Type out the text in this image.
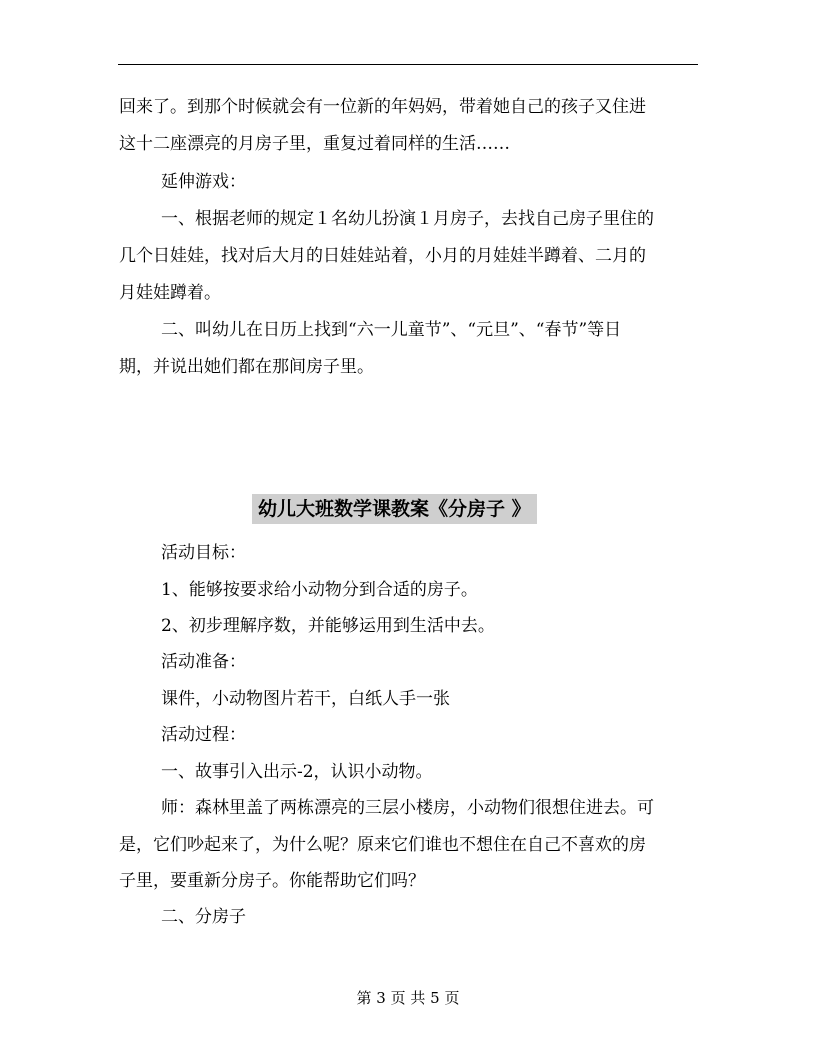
回来了。到那个时候就会有一位新的年妈妈，带着她自己的孩子又住进
这十二座漂亮的月房子里，重复过着同样的生活……
延伸游戏：
一、根据老师的规定１名幼儿扮演１月房子，去找自己房子里住的
几个日娃娃，找对后大月的日娃娃站着，小月的月娃娃半蹲着、二月的
月娃娃蹲着。
二、叫幼儿在日历上找到“六一儿童节”、“元旦”、“春节”等日
期，并说出她们都在那间房子里。
幼儿大班数学课教案《分房子 》
活动目标：
1、能够按要求给小动物分到合适的房子。
2、初步理解序数，并能够运用到生活中去。
活动准备：
课件，小动物图片若干，白纸人手一张
活动过程：
一、故事引入出示-2，认识小动物。
师：森林里盖了两栋漂亮的三层小楼房，小动物们很想住进去。可
是，它们吵起来了，为什么呢？原来它们谁也不想住在自己不喜欢的房
子里，要重新分房子。你能帮助它们吗？
二、分房子
第 3 页 共 5 页
